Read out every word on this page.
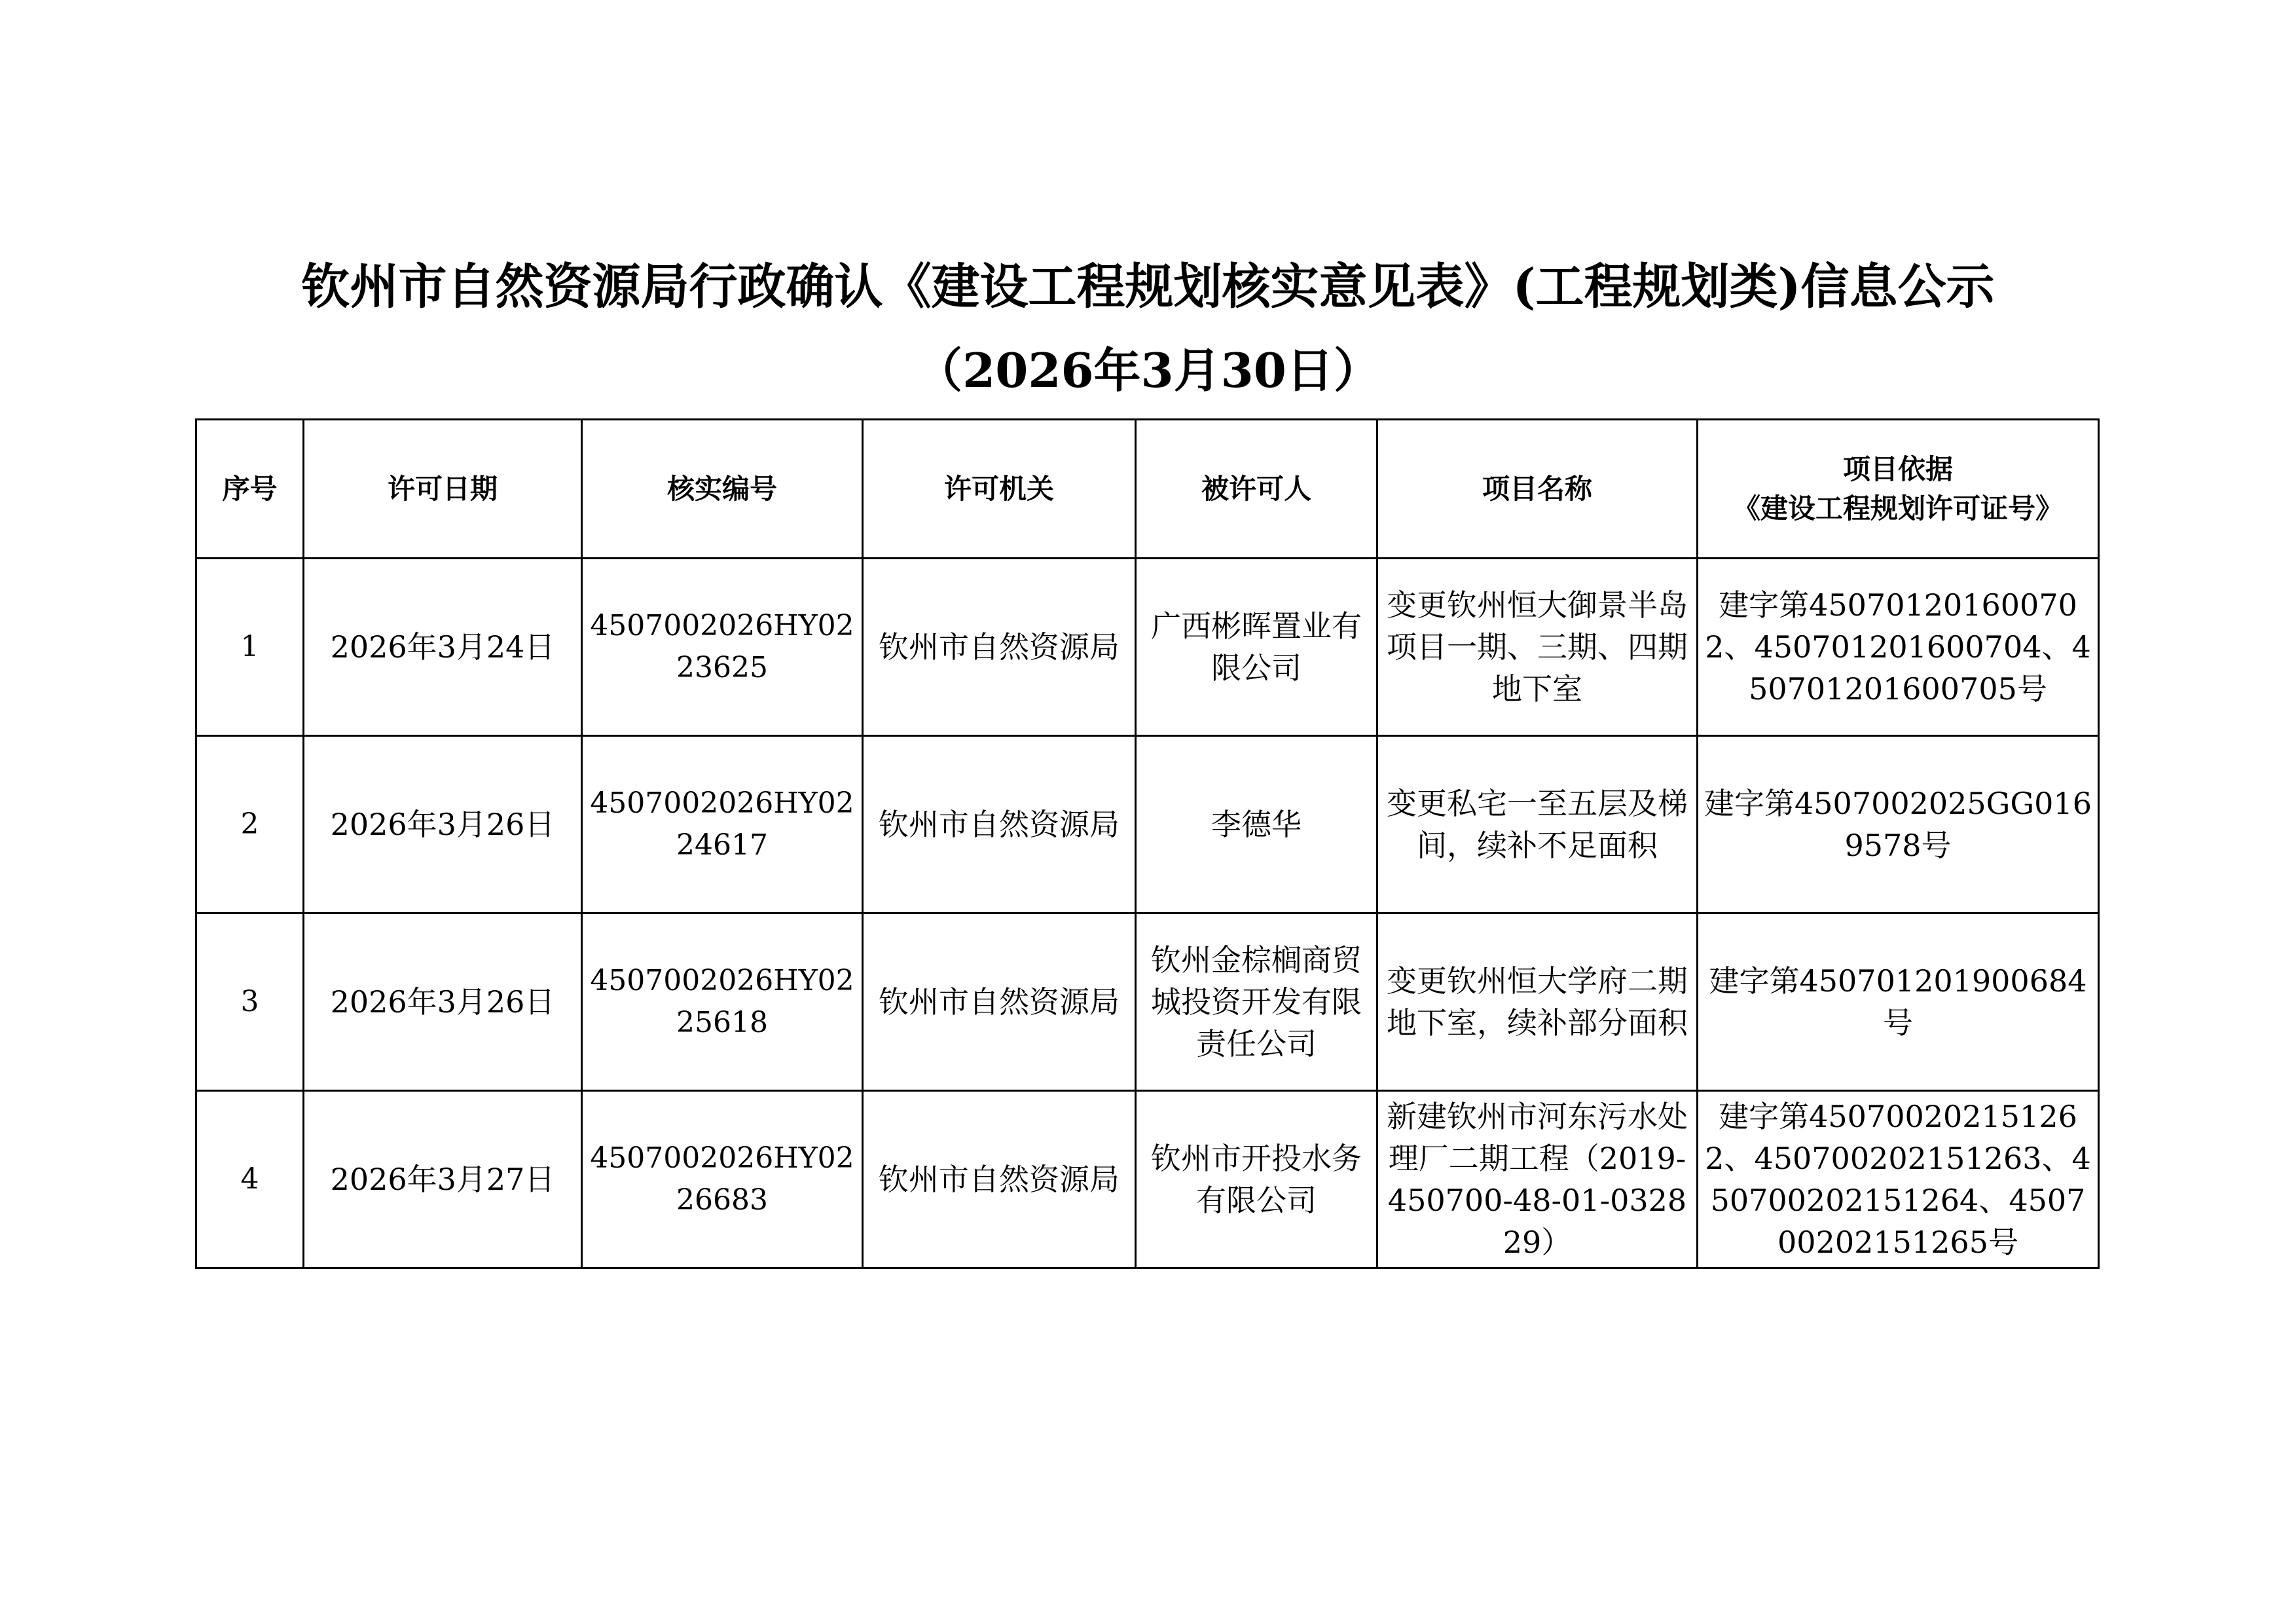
钦州市自然资源局行政确认《建设工程规划核实意见表》(工程规划类)信息公示
（2026年3月30日）
序号	许可日期	核实编号	许可机关	被许可人	项目名称	项目依据
《建设工程规划许可证号》

1	2026年3月24日	4507002026HY0223625	钦州市自然资源局	广西彬晖置业有限公司	变更钦州恒大御景半岛项目一期、三期、四期地下室	建字第450701201600702、450701201600704、450701201600705号
2	2026年3月26日	4507002026HY0224617	钦州市自然资源局	李德华	变更私宅一至五层及梯间，续补不足面积	建字第4507002025GG0169578号
3	2026年3月26日	4507002026HY0225618	钦州市自然资源局	钦州金棕榈商贸城投资开发有限责任公司	变更钦州恒大学府二期地下室，续补部分面积	建字第450701201900684号
4	2026年3月27日	4507002026HY0226683	钦州市自然资源局	钦州市开投水务有限公司	新建钦州市河东污水处理厂二期工程（2019-450700-48-01-032829）	建字第450700202151262、450700202151263、450700202151264、450700202151265号
